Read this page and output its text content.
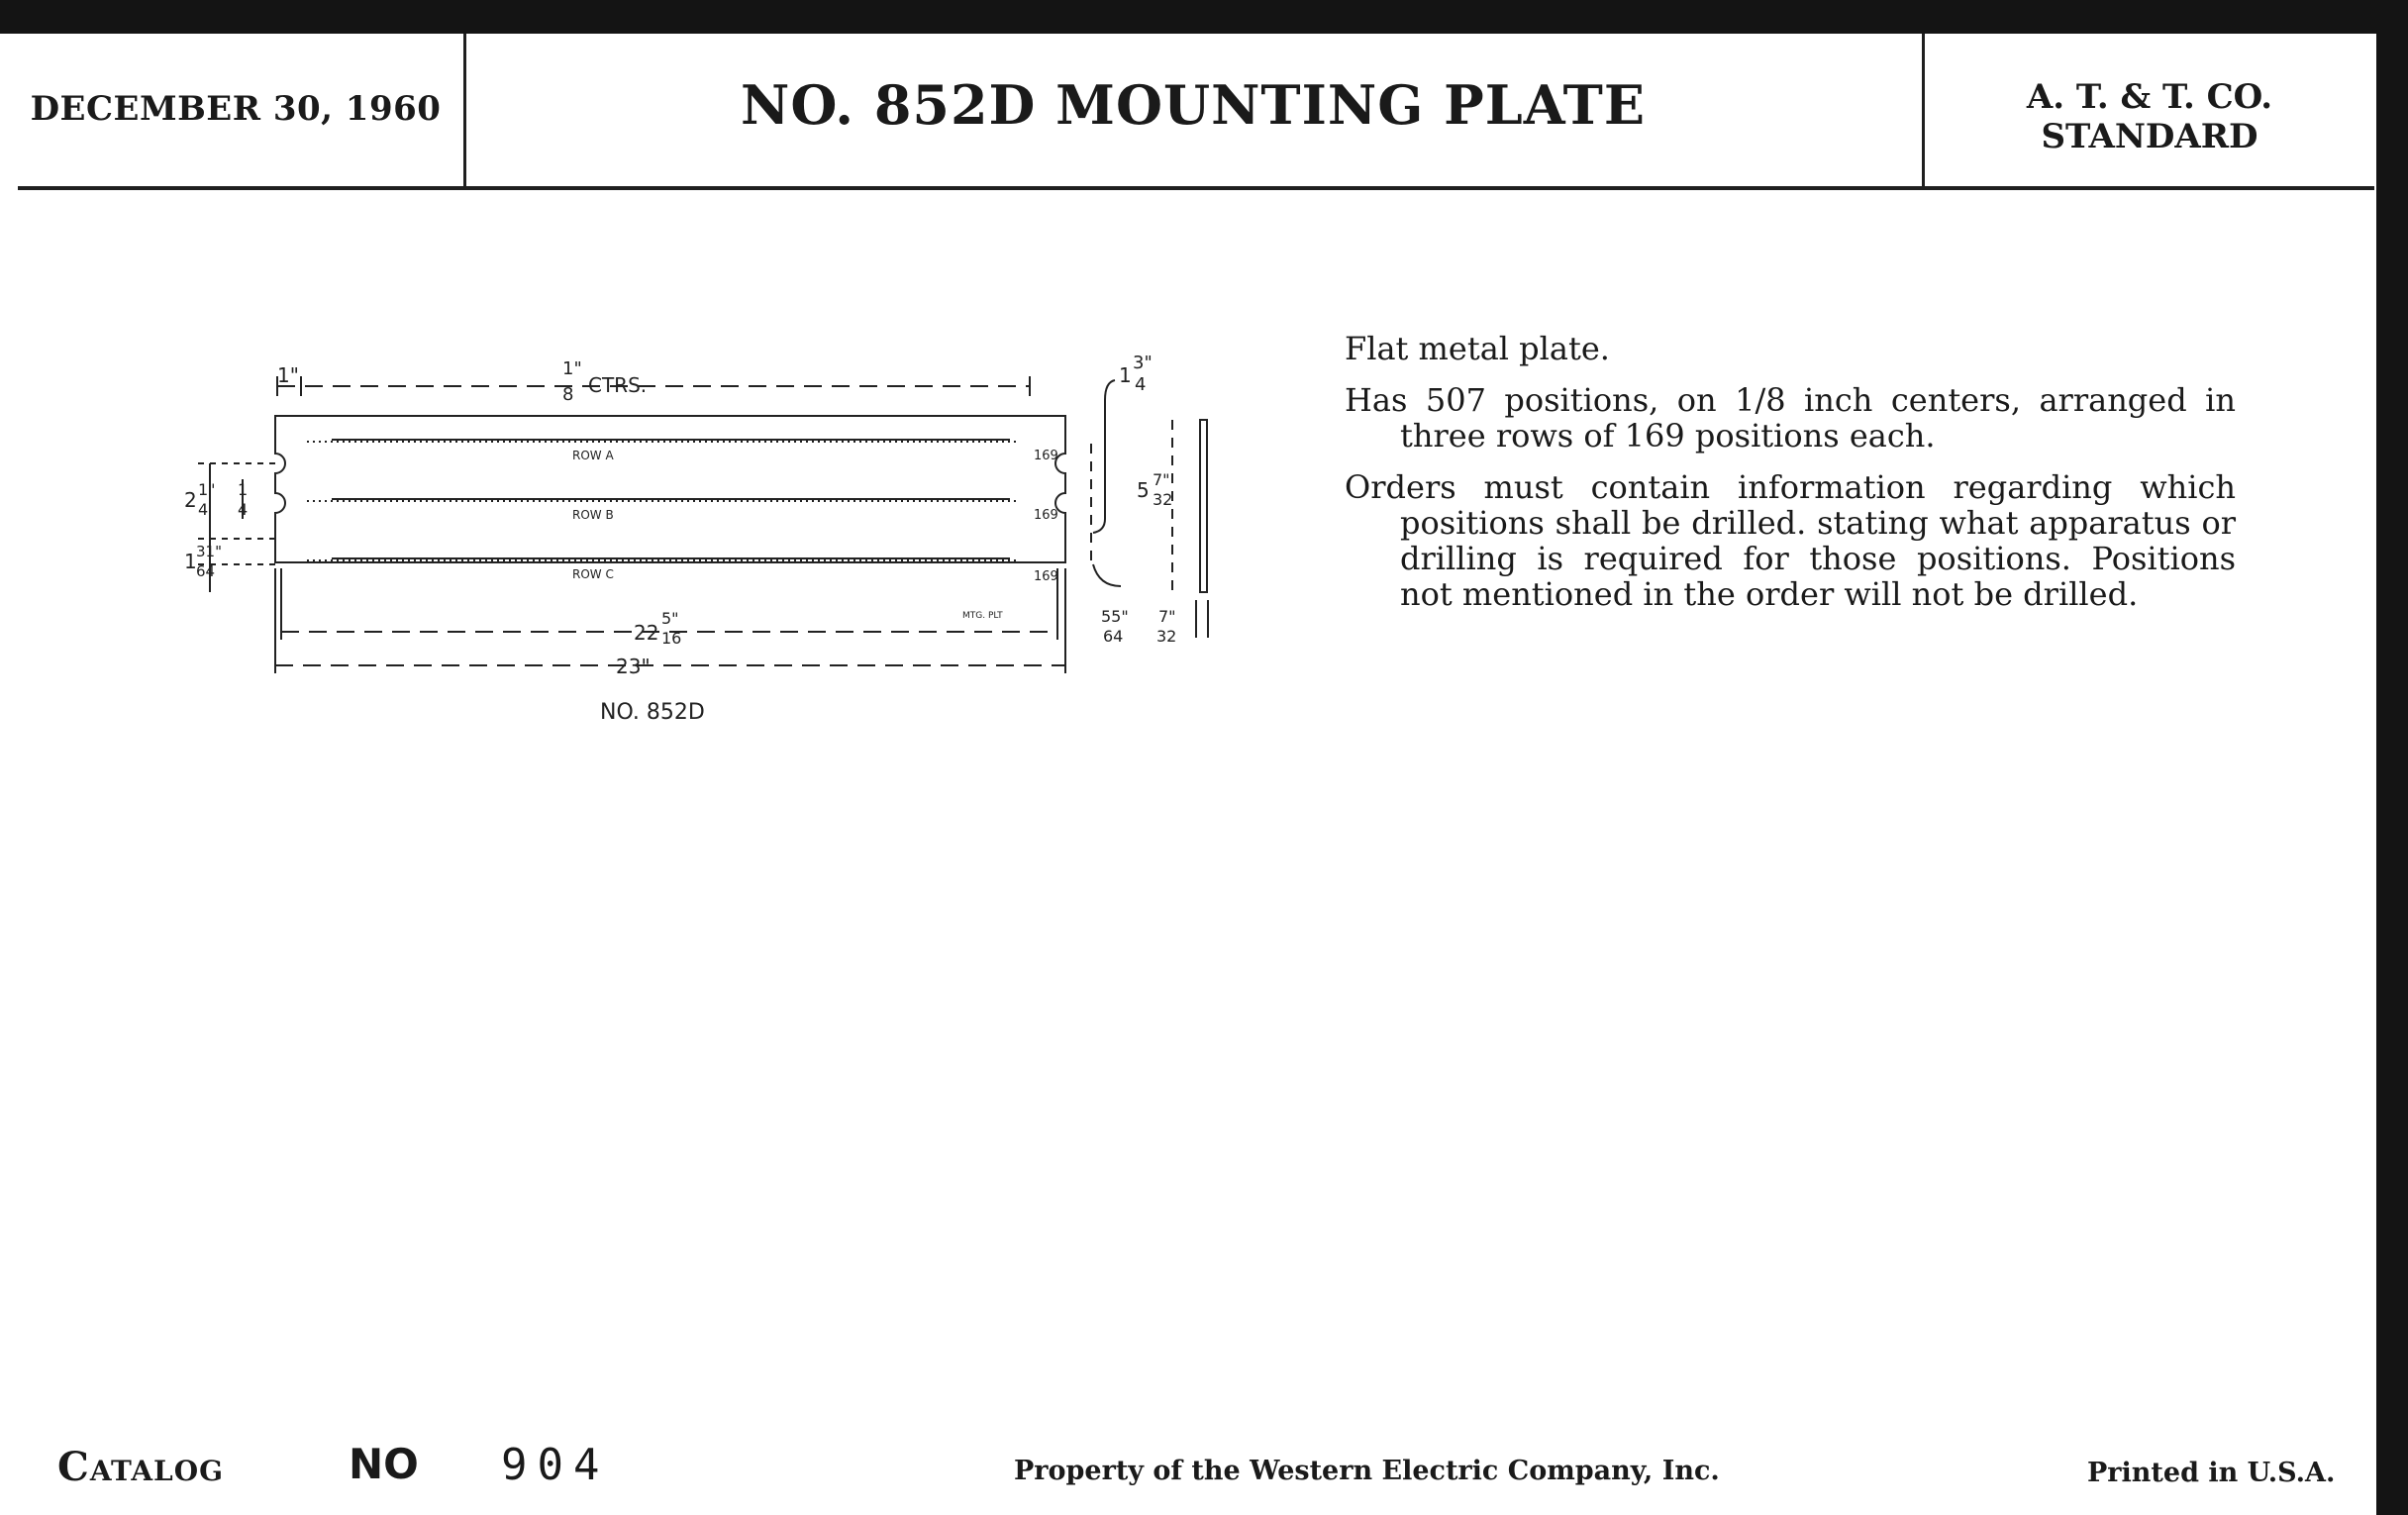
DECEMBER 30, 1960	NO. 852D MOUNTING PLATE	A. T. & T. CO.
STANDARD
1"	1"
8 CTRS.	1
3"
4
ROW A
ROW B
ROW C
169
169
169
2 1"
4
1
4
1 31"
64
5 7"
32
MTG. PLT
22
5"
16
23"
55"
64
7"
32
NO. 852D

Flat metal plate.

Has 507 positions, on 1/8 inch centers, arranged in three rows of 169 positions each.

Orders must contain information regarding which positions shall be drilled. stating what apparatus or drilling is required for those positions. Positions not mentioned in the order will not be drilled.

Catalog	NO 904	Property of the Western Electric Company, Inc.	Printed in U.S.A.
